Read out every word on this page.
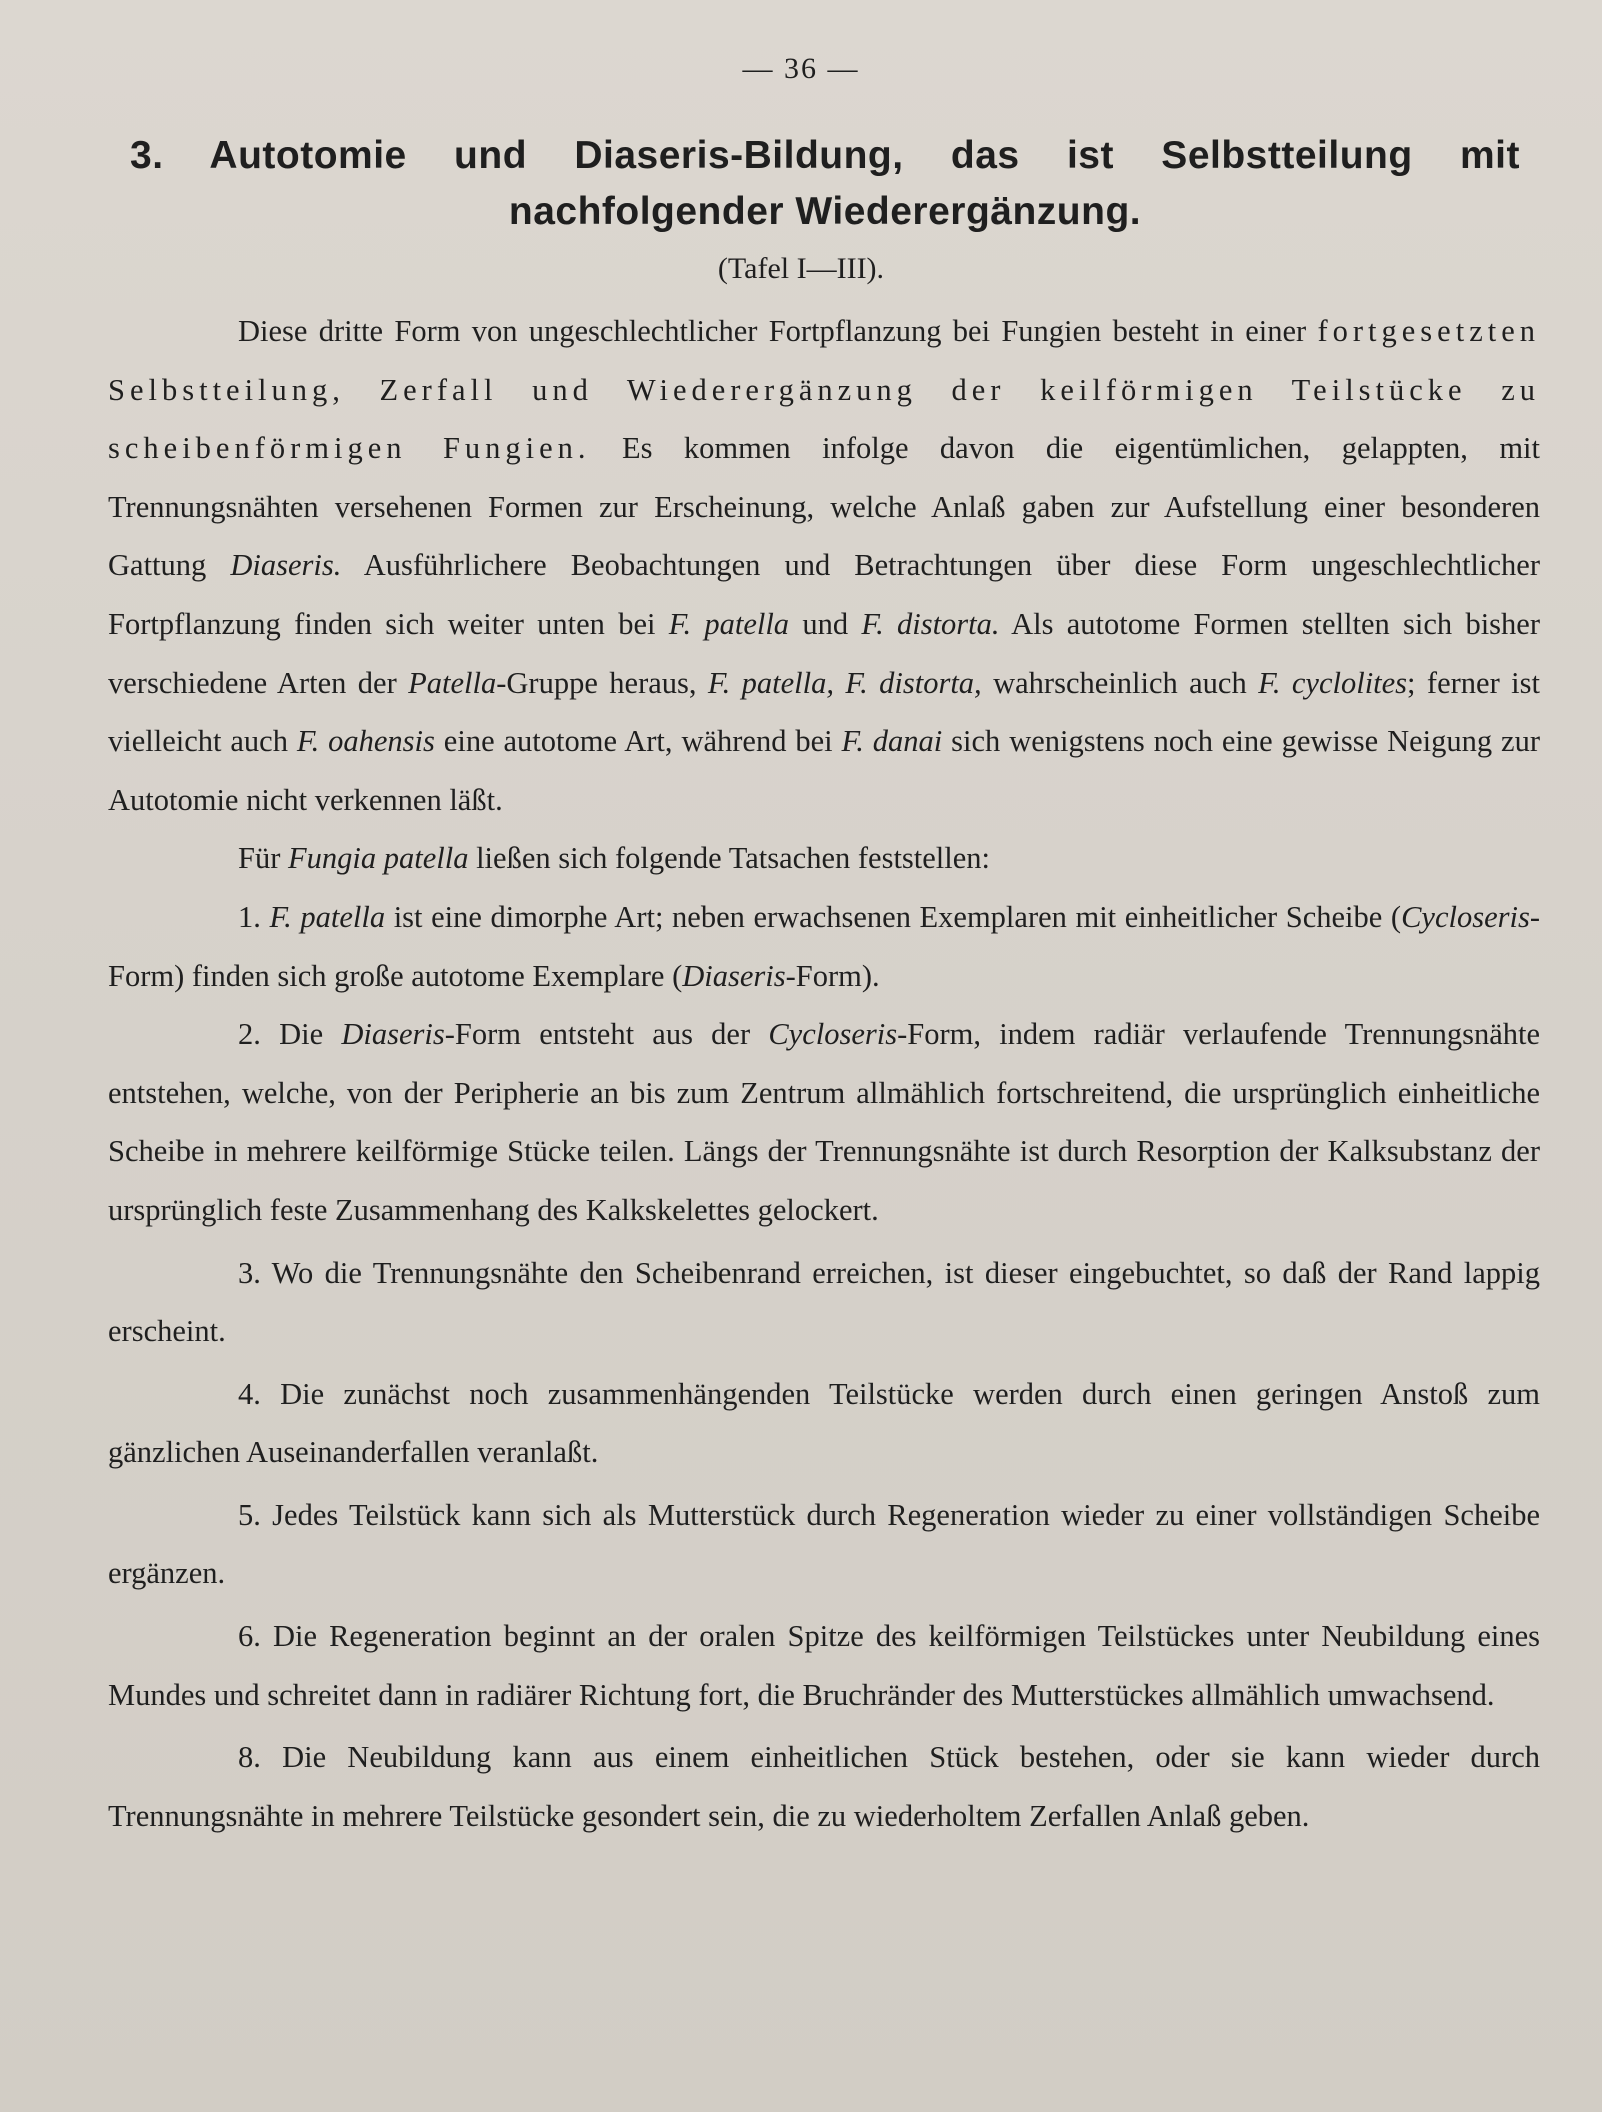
— 36 —
3. Autotomie und Diaseris-Bildung, das ist Selbstteilung mit nachfolgender Wiederergänzung.
(Tafel I—III).

Diese dritte Form von ungeschlechtlicher Fortpflanzung bei Fungien besteht in einer fortgesetzten Selbstteilung, Zerfall und Wiederergänzung der keilförmigen Teilstücke zu scheibenförmigen Fungien. Es kommen infolge davon die eigentümlichen, gelappten, mit Trennungsnähten versehenen Formen zur Erscheinung, welche Anlaß gaben zur Aufstellung einer besonderen Gattung Diaseris. Ausführlichere Beobachtungen und Betrachtungen über diese Form ungeschlechtlicher Fortpflanzung finden sich weiter unten bei F. patella und F. distorta. Als autotome Formen stellten sich bisher verschiedene Arten der Patella-Gruppe heraus, F. patella, F. distorta, wahrscheinlich auch F. cyclolites; ferner ist vielleicht auch F. oahensis eine autotome Art, während bei F. danai sich wenigstens noch eine gewisse Neigung zur Autotomie nicht verkennen läßt.

Für Fungia patella ließen sich folgende Tatsachen feststellen:

1. F. patella ist eine dimorphe Art; neben erwachsenen Exemplaren mit einheitlicher Scheibe (Cycloseris-Form) finden sich große autotome Exemplare (Diaseris-Form).

2. Die Diaseris-Form entsteht aus der Cycloseris-Form, indem radiär verlaufende Trennungsnähte entstehen, welche, von der Peripherie an bis zum Zentrum allmählich fortschreitend, die ursprünglich einheitliche Scheibe in mehrere keilförmige Stücke teilen. Längs der Trennungsnähte ist durch Resorption der Kalksubstanz der ursprünglich feste Zusammenhang des Kalkskelettes gelockert.

3. Wo die Trennungsnähte den Scheibenrand erreichen, ist dieser eingebuchtet, so daß der Rand lappig erscheint.

4. Die zunächst noch zusammenhängenden Teilstücke werden durch einen geringen Anstoß zum gänzlichen Auseinanderfallen veranlaßt.

5. Jedes Teilstück kann sich als Mutterstück durch Regeneration wieder zu einer vollständigen Scheibe ergänzen.

6. Die Regeneration beginnt an der oralen Spitze des keilförmigen Teilstückes unter Neubildung eines Mundes und schreitet dann in radiärer Richtung fort, die Bruchränder des Mutterstückes allmählich umwachsend.

8. Die Neubildung kann aus einem einheitlichen Stück bestehen, oder sie kann wieder durch Trennungsnähte in mehrere Teilstücke gesondert sein, die zu wiederholtem Zerfallen Anlaß geben.
